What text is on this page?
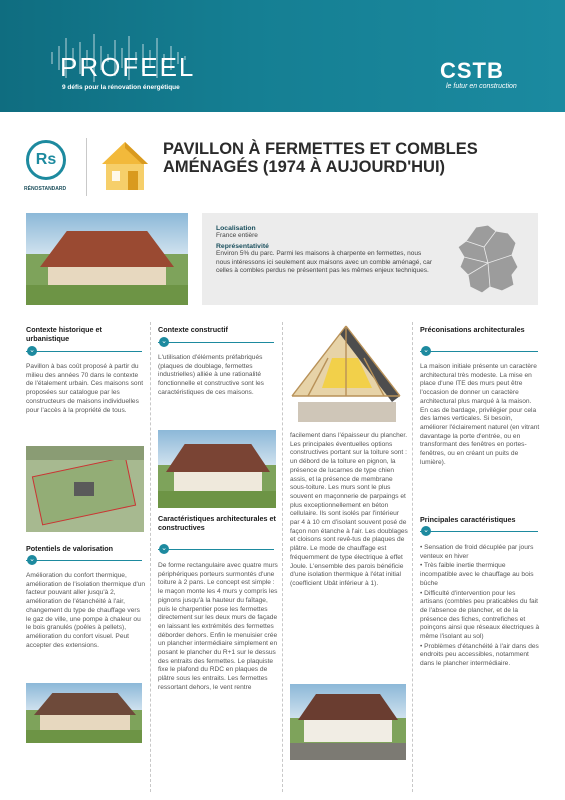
PROFEEL
9 défis pour la rénovation énergétique
CSTB
le futur en construction
Rs
RÉNOSTANDARD
PAVILLON À FERMETTES ET COMBLES AMÉNAGÉS (1974 À AUJOURD'HUI)
Localisation
France entière
Représentativité
Environ 5% du parc. Parmi les maisons à charpente en fermettes, nous nous intéressons ici seulement aux maisons avec un comble aménagé, car celles à combles perdus ne présentent pas les mêmes enjeux techniques.
Contexte historique et urbanistique
⌄
Pavillon à bas coût proposé à partir du milieu des années 70 dans le contexte de l'étalement urbain. Ces maisons sont proposées sur catalogue par les constructeurs de maisons individuelles pour l'accès à la propriété de tous.
Potentiels de valorisation
⌄
Amélioration du confort thermique, amélioration de l'isolation thermique d'un facteur pouvant aller jusqu'à 2, amélioration de l'étanchéité à l'air, changement du type de chauffage vers le gaz de ville, une pompe à chaleur ou le bois granulés (poêles à pellets), amélioration du confort visuel. Peut accepter des extensions.
Contexte constructif
⌄
L'utilisation d'éléments préfabriqués (plaques de doublage, fermettes industrielles) alliée à une rationalité fonctionnelle et constructive sont les caractéristiques de ces maisons.
Caractéristiques architecturales et constructives
⌄
De forme rectangulaire avec quatre murs périphériques porteurs surmontés d'une toiture à 2 pans. Le concept est simple : le maçon monte les 4 murs y compris les pignons jusqu'à la hauteur du faîtage, puis le charpentier pose les fermettes directement sur les deux murs de façade en laissant les extrémités des fermettes déborder dehors. Enfin le menuisier crée un plancher intermédiaire simplement en posant le plancher du R+1 sur le dessus des entraits des fermettes. Le plaquiste fixe le plafond du RDC en plaques de plâtre sous les entraits. Les fermettes ressortant dehors, le vent rentre
facilement dans l'épaisseur du plancher. Les principales éventuelles options constructives portant sur la toiture sont : un débord de la toiture en pignon, la présence de lucarnes de type chien assis, et la présence de membrane sous-toiture. Les murs sont le plus souvent en maçonnerie de parpaings et plus exceptionnellement en béton cellulaire. Ils sont isolés par l'intérieur par 4 à 10 cm d'isolant souvent posé de façon non étanche à l'air. Les doublages et cloisons sont revê-tus de plaques de plâtre. Le mode de chauffage est fréquemment de type électrique à effet Joule. L'ensemble des parois bénéficie d'une isolation thermique à l'état initial (coefficient Ubât inférieur à 1).
Préconisations architecturales
⌄
La maison initiale présente un caractère architectural très modeste. La mise en place d'une ITE des murs peut être l'occasion de donner un caractère architectural plus marqué à la maison. En cas de bardage, privilégier pour cela des lames verticales. Si besoin, améliorer l'éclairement naturel (en vitrant davantage la porte d'entrée, ou en transformant des fenêtres en portes-fenêtres, ou en créant un puits de lumière).
Principales caractéristiques
⌄
• Sensation de froid décuplée par jours venteux en hiver
• Très faible inertie thermique incompatible avec le chauffage au bois bûche
• Difficulté d'intervention pour les artisans (combles peu praticables du fait de l'absence de plancher, et de la présence des fiches, contrefiches et poinçons ainsi que réseaux électriques à même l'isolant au sol)
• Problèmes d'étanchéité à l'air dans des endroits peu accessibles, notamment dans le plancher intermédiaire.
